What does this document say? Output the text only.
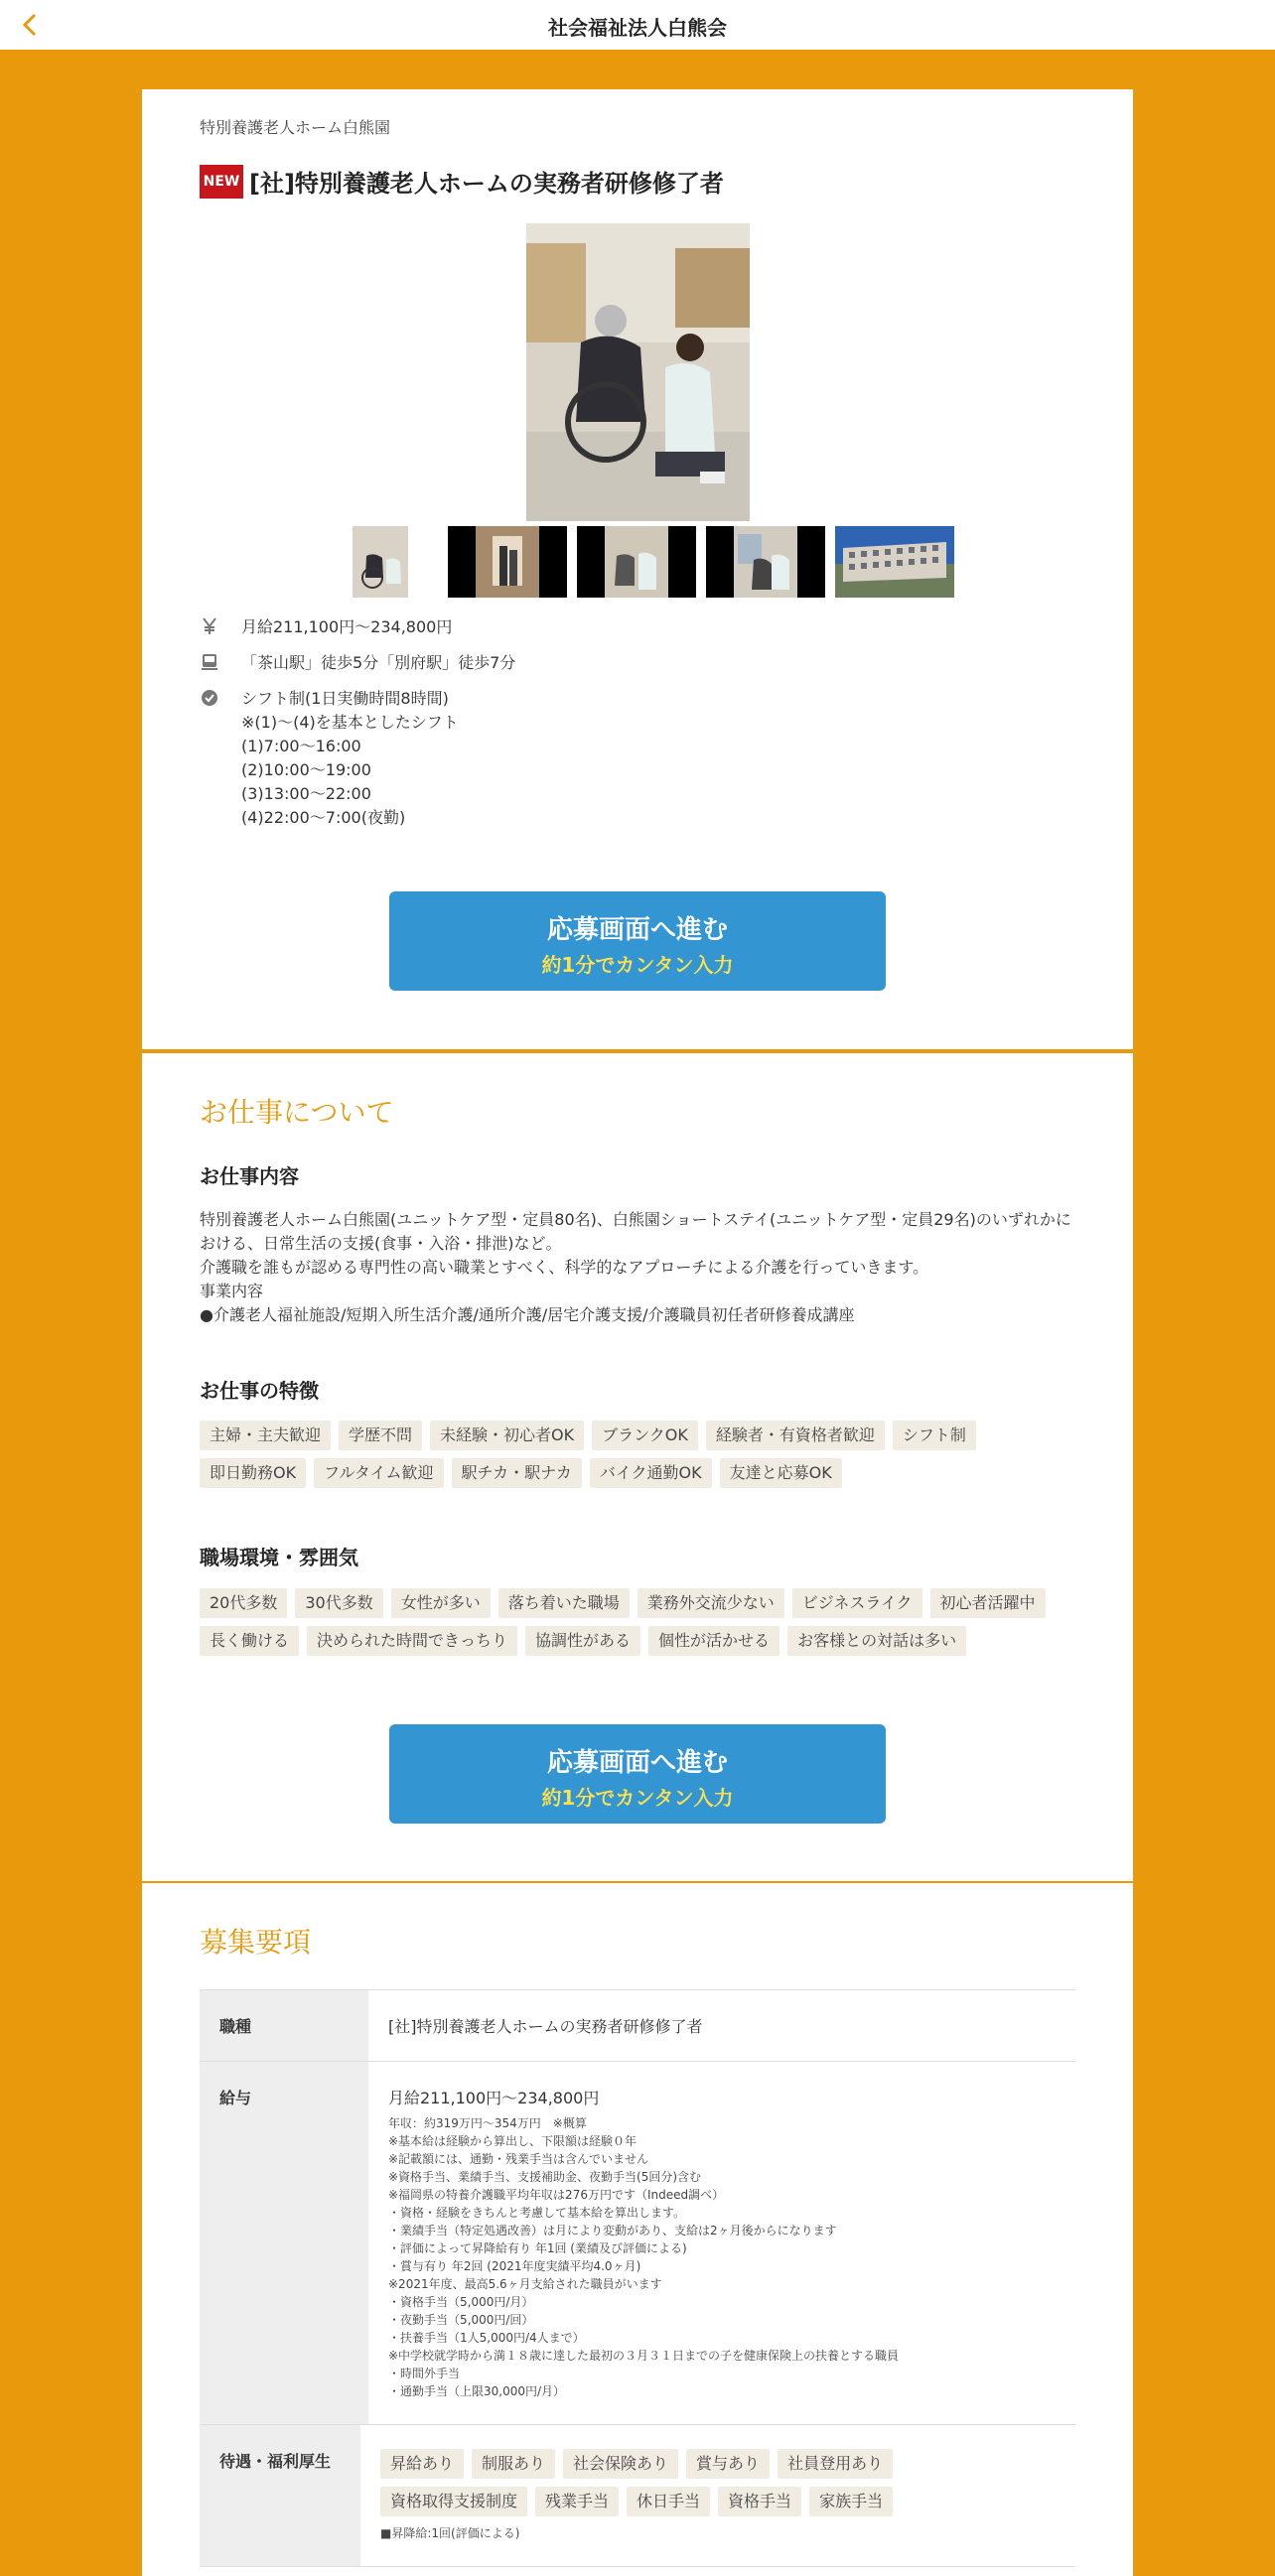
社会福祉法人白熊会
特別養護老人ホーム白熊園
NEW [社]特別養護老人ホームの実務者研修修了者
月給211,100円〜234,800円
「茶山駅」徒歩5分「別府駅」徒歩7分
シフト制(1日実働時間8時間)
※(1)～(4)を基本としたシフト
(1)7:00～16:00
(2)10:00～19:00
(3)13:00～22:00
(4)22:00～7:00(夜勤)
応募画面へ進む
約1分でカンタン入力
お仕事について
お仕事内容
特別養護老人ホーム白熊園(ユニットケア型・定員80名)、白熊園ショートステイ(ユニットケア型・定員29名)のいずれかに
おける、日常生活の支援(食事・入浴・排泄)など。
介護職を誰もが認める専門性の高い職業とすべく、科学的なアプローチによる介護を行っていきます。
事業内容
●介護老人福祉施設/短期入所生活介護/通所介護/居宅介護支援/介護職員初任者研修養成講座
お仕事の特徴
主婦・主夫歓迎	学歴不問	未経験・初心者OK	ブランクOK	経験者・有資格者歓迎	シフト制
即日勤務OK	フルタイム歓迎	駅チカ・駅ナカ	バイク通勤OK	友達と応募OK
職場環境・雰囲気
20代多数	30代多数	女性が多い	落ち着いた職場	業務外交流少ない	ビジネスライク	初心者活躍中
長く働ける	決められた時間できっちり	協調性がある	個性が活かせる	お客様との対話は多い
応募画面へ進む
約1分でカンタン入力
募集要項
職種	[社]特別養護老人ホームの実務者研修修了者
給与	月給211,100円〜234,800円
年収：約319万円～354万円　※概算
※基本給は経験から算出し、下限額は経験０年
※記載額には、通勤・残業手当は含んでいません
※資格手当、業績手当、支援補助金、夜勤手当(5回分)含む
※福岡県の特養介護職平均年収は276万円です（Indeed調べ）
・資格・経験をきちんと考慮して基本給を算出します。
・業績手当（特定処遇改善）は月により変動があり、支給は2ヶ月後からになります
・評価によって昇降給有り 年1回 (業績及び評価による)
・賞与有り 年2回 (2021年度実績平均4.0ヶ月)
※2021年度、最高5.6ヶ月支給された職員がいます
・資格手当（5,000円/月）
・夜勤手当（5,000円/回）
・扶養手当（1人5,000円/4人まで）
※中学校就学時から満１８歳に達した最初の３月３１日までの子を健康保険上の扶養とする職員
・時間外手当
・通勤手当（上限30,000円/月）
待遇・福利厚生	昇給あり	制服あり	社会保険あり	賞与あり	社員登用あり
資格取得支援制度	残業手当	休日手当	資格手当	家族手当
■昇降給:1回(評価による)
